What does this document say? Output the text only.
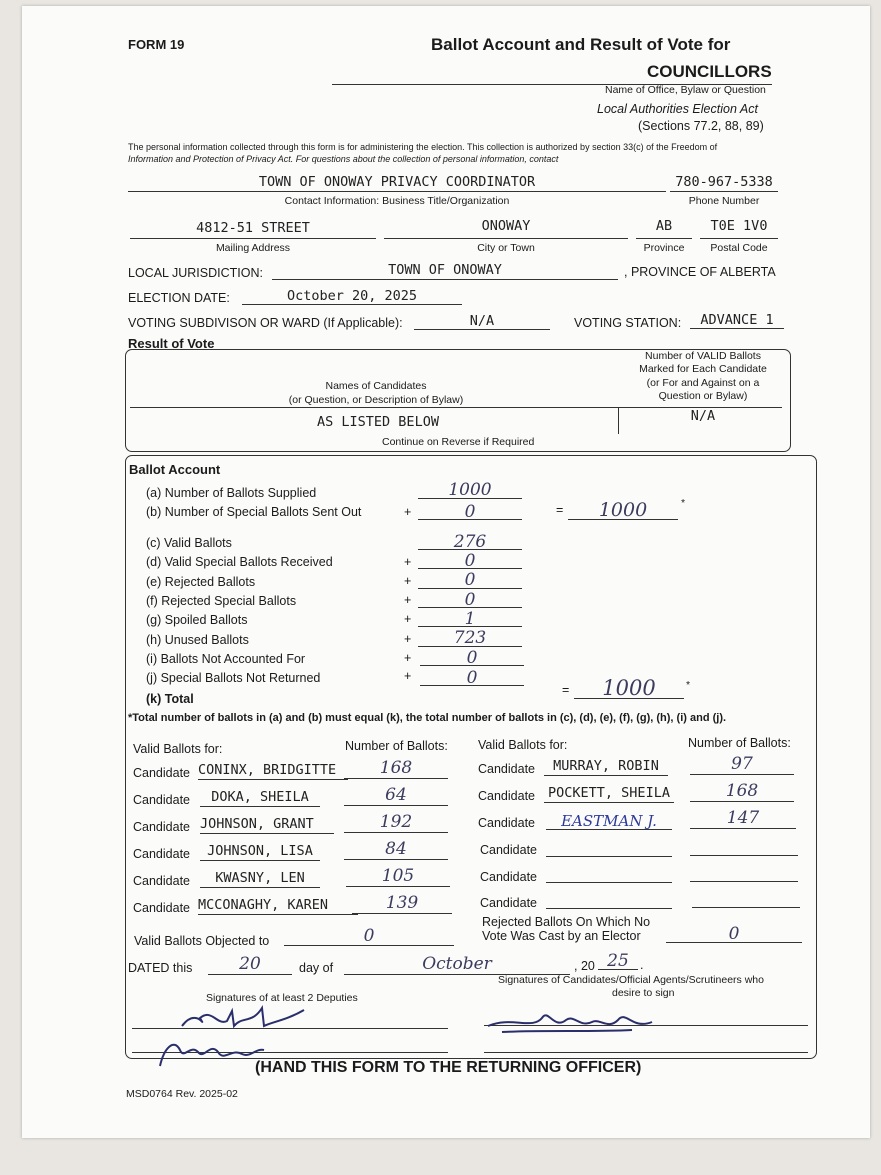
FORM 19	Ballot Account and Result of Vote for
COUNCILLORS
Name of Office, Bylaw or Question
Local Authorities Election Act
(Sections 77.2, 88, 89)
The personal information collected through this form is for administering the election. This collection is authorized by section 33(c) of the Freedom of
Information and Protection of Privacy Act. For questions about the collection of personal information, contact
TOWN OF ONOWAY PRIVACY COORDINATOR
Contact Information: Business Title/Organization
780-967-5338
Phone Number
4812-51 STREET
Mailing Address
ONOWAY
City or Town
AB
Province
T0E 1V0
Postal Code
LOCAL JURISDICTION:	TOWN OF ONOWAY	, PROVINCE OF ALBERTA
ELECTION DATE:	October 20, 2025
VOTING SUBDIVISON OR WARD (If Applicable):	N/A	VOTING STATION:	ADVANCE 1
Result of Vote
Names of Candidates
(or Question, or Description of Bylaw)
Number of VALID Ballots
Marked for Each Candidate
(or For and Against on a
Question or Bylaw)
AS LISTED BELOW	N/A
Continue on Reverse if Required
Ballot Account
(a) Number of Ballots Supplied	1000
(b) Number of Special Ballots Sent Out	+	0
(c) Valid Ballots	276
(d) Valid Special Ballots Received	+	0
(e) Rejected Ballots	+	0
(f) Rejected Special Ballots	+	0
(g) Spoiled Ballots	+	1
(h) Unused Ballots	+	723
(i) Ballots Not Accounted For	+	0
(j) Special Ballots Not Returned	+	0
(k) Total
=	1000	*
=	1000	*
*Total number of ballots in (a) and (b) must equal (k), the total number of ballots in (c), (d), (e), (f), (g), (h), (i) and (j).
Valid Ballots for:	Number of Ballots: Valid Ballots for:	Number of Ballots:
Candidate CONINX, BRIDGITTE	168
Candidate	DOKA, SHEILA	64
Candidate JOHNSON, GRANT	192
Candidate	JOHNSON, LISA	84
Candidate	KWASNY, LEN	105
Candidate MCCONAGHY, KAREN	139
Candidate	MURRAY, ROBIN	97
Candidate POCKETT, SHEILA	168
Candidate	EASTMAN J.	147
Candidate
Candidate
Candidate
Valid Ballots Objected to	0
Rejected Ballots On Which No
Vote Was Cast by an Elector	0
DATED this	20	day of	October	, 20 25 .
Signatures of at least 2 Deputies
Signatures of Candidates/Official Agents/Scrutineers who
desire to sign
(HAND THIS FORM TO THE RETURNING OFFICER)
MSD0764 Rev. 2025-02
